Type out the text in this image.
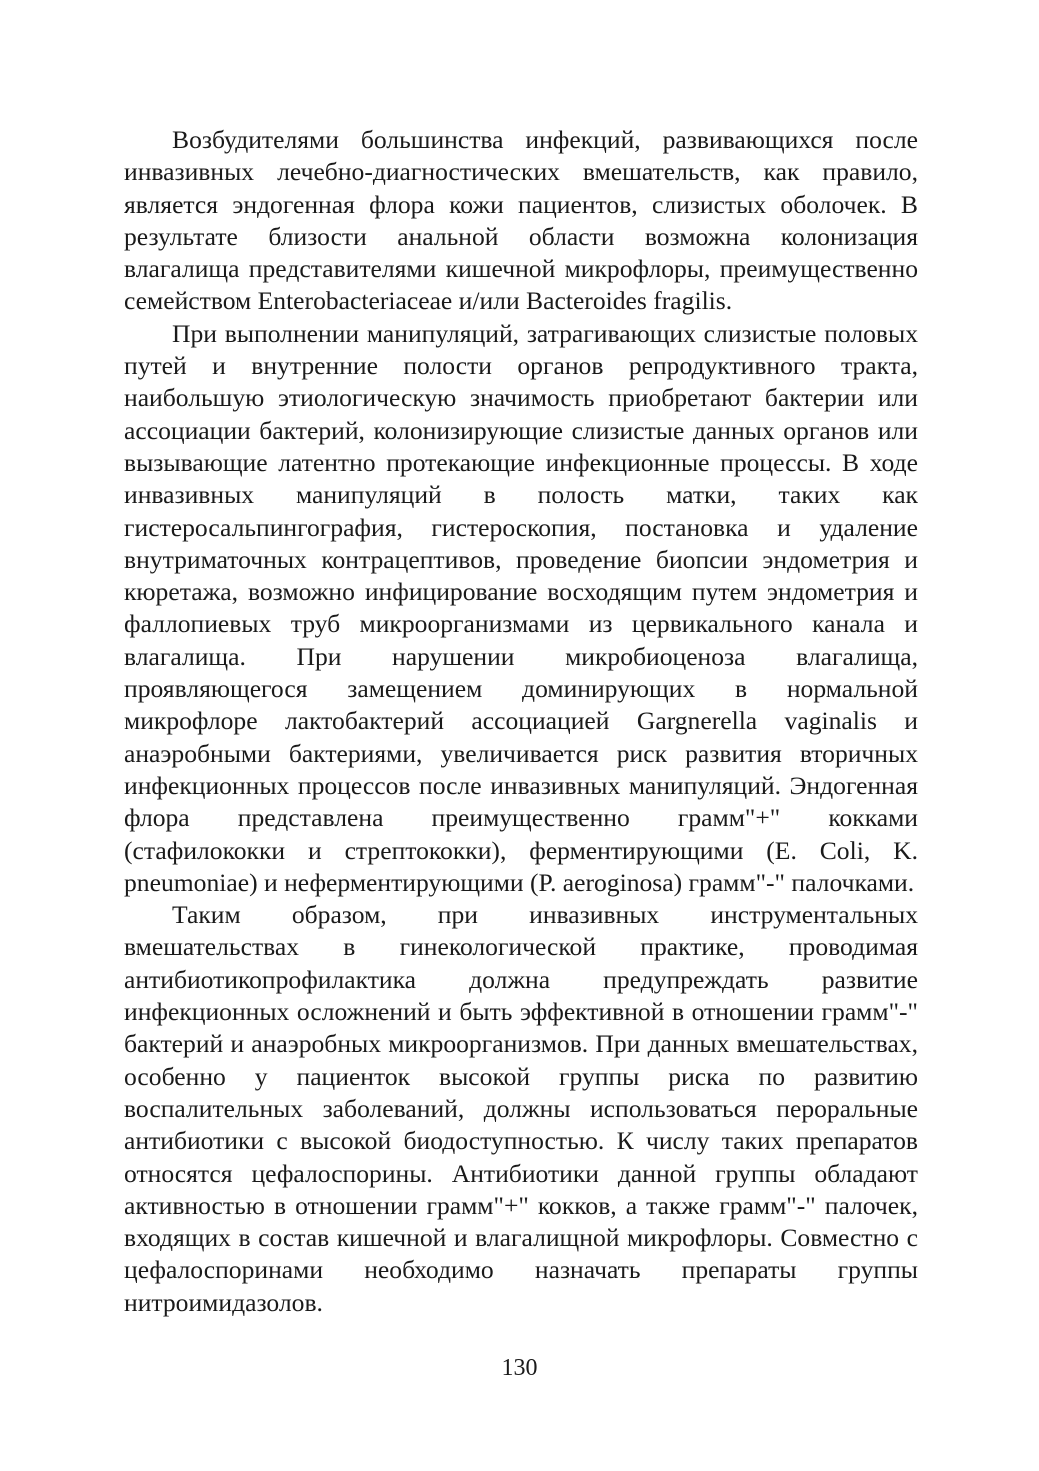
Возбудителями большинства инфекций, развивающихся после инвазивных лечебно-диагностических вмешательств, как правило, является эндогенная флора кожи пациентов, слизистых оболочек. В результате близости анальной области возможна колонизация влагалища представителями кишечной микрофлоры, преимущественно семейством Enterobacteriaceae и/или Bacteroides fragilis.

При выполнении манипуляций, затрагивающих слизистые половых путей и внутренние полости органов репродуктивного тракта, наибольшую этиологическую значимость приобретают бактерии или ассоциации бактерий, колонизирующие слизистые данных органов или вызывающие латентно протекающие инфекционные процессы. В ходе инвазивных манипуляций в полость матки, таких как гистеросальпингография, гистероскопия, постановка и удаление внутриматочных контрацептивов, проведение биопсии эндометрия и кюретажа, возможно инфицирование восходящим путем эндометрия и фаллопиевых труб микроорганизмами из цервикального канала и влагалища. При нарушении микробиоценоза влагалища, проявляющегося замещением доминирующих в нормальной микрофлоре лактобактерий ассоциацией Gargnerella vaginalis и анаэробными бактериями, увеличивается риск развития вторичных инфекционных процессов после инвазивных манипуляций. Эндогенная флора представлена преимущественно грамм"+" кокками (стафилококки и стрептококки), ферментирующими (E. Coli, K. pneumoniae) и неферментирующими (P. aeroginosa) грамм"-" палочками.

Таким образом, при инвазивных инструментальных вмешательствах в гинекологической практике, проводимая антибиотикопрофилактика должна предупреждать развитие инфекционных осложнений и быть эффективной в отношении грамм"-" бактерий и анаэробных микроорганизмов. При данных вмешательствах, особенно у пациенток высокой группы риска по развитию воспалительных заболеваний, должны использоваться пероральные антибиотики с высокой биодоступностью. К числу таких препаратов относятся цефалоспорины. Антибиотики данной группы обладают активностью в отношении грамм"+" кокков, а также грамм"-" палочек, входящих в состав кишечной и влагалищной микрофлоры. Совместно с цефалоспоринами необходимо назначать препараты группы нитроимидазолов.

130
